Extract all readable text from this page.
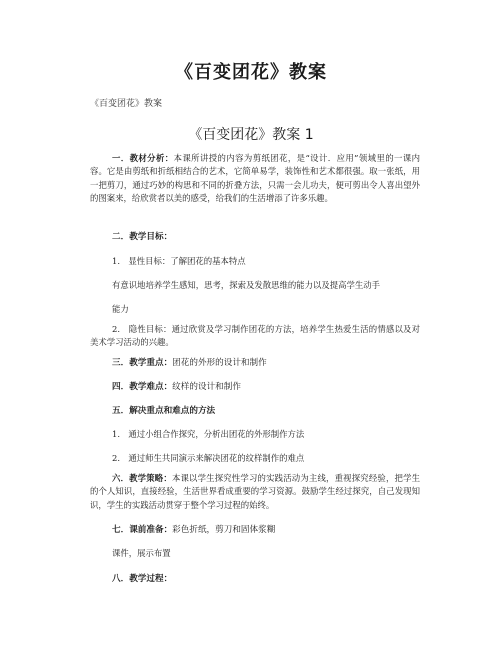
《百变团花》教案
《百变团花》教案
《百变团花》教案 1
一．教材分析：本课所讲授的内容为剪纸团花，是“设计．应用”领域里的一课内容。它是由剪纸和折纸相结合的艺术，它简单易学，装饰性和艺术都很强。取一张纸，用一把剪刀，通过巧妙的构思和不同的折叠方法，只需一会儿功夫，便可剪出令人喜出望外的图案来，给欣赏者以美的感受，给我们的生活增添了许多乐趣。
二．教学目标：
1.　显性目标：了解团花的基本特点
有意识地培养学生感知，思考，探索及发散思维的能力以及提高学生动手
能力
2.　隐性目标：通过欣赏及学习制作团花的方法，培养学生热爱生活的情感以及对美术学习活动的兴趣。
三．教学重点：团花的外形的设计和制作
四．教学难点：纹样的设计和制作
五．解决重点和难点的方法
1.　通过小组合作探究，分析出团花的外形制作方法
2.　通过师生共同演示来解决团花的纹样制作的难点
六．教学策略：本课以学生探究性学习的实践活动为主线，重视探究经验，把学生的个人知识，直接经验，生活世界看成重要的学习资源。鼓励学生经过探究，自己发现知识，学生的实践活动贯穿于整个学习过程的始终。
七．课前准备：彩色折纸，剪刀和固体浆糊
课件，展示布置
八．教学过程：
